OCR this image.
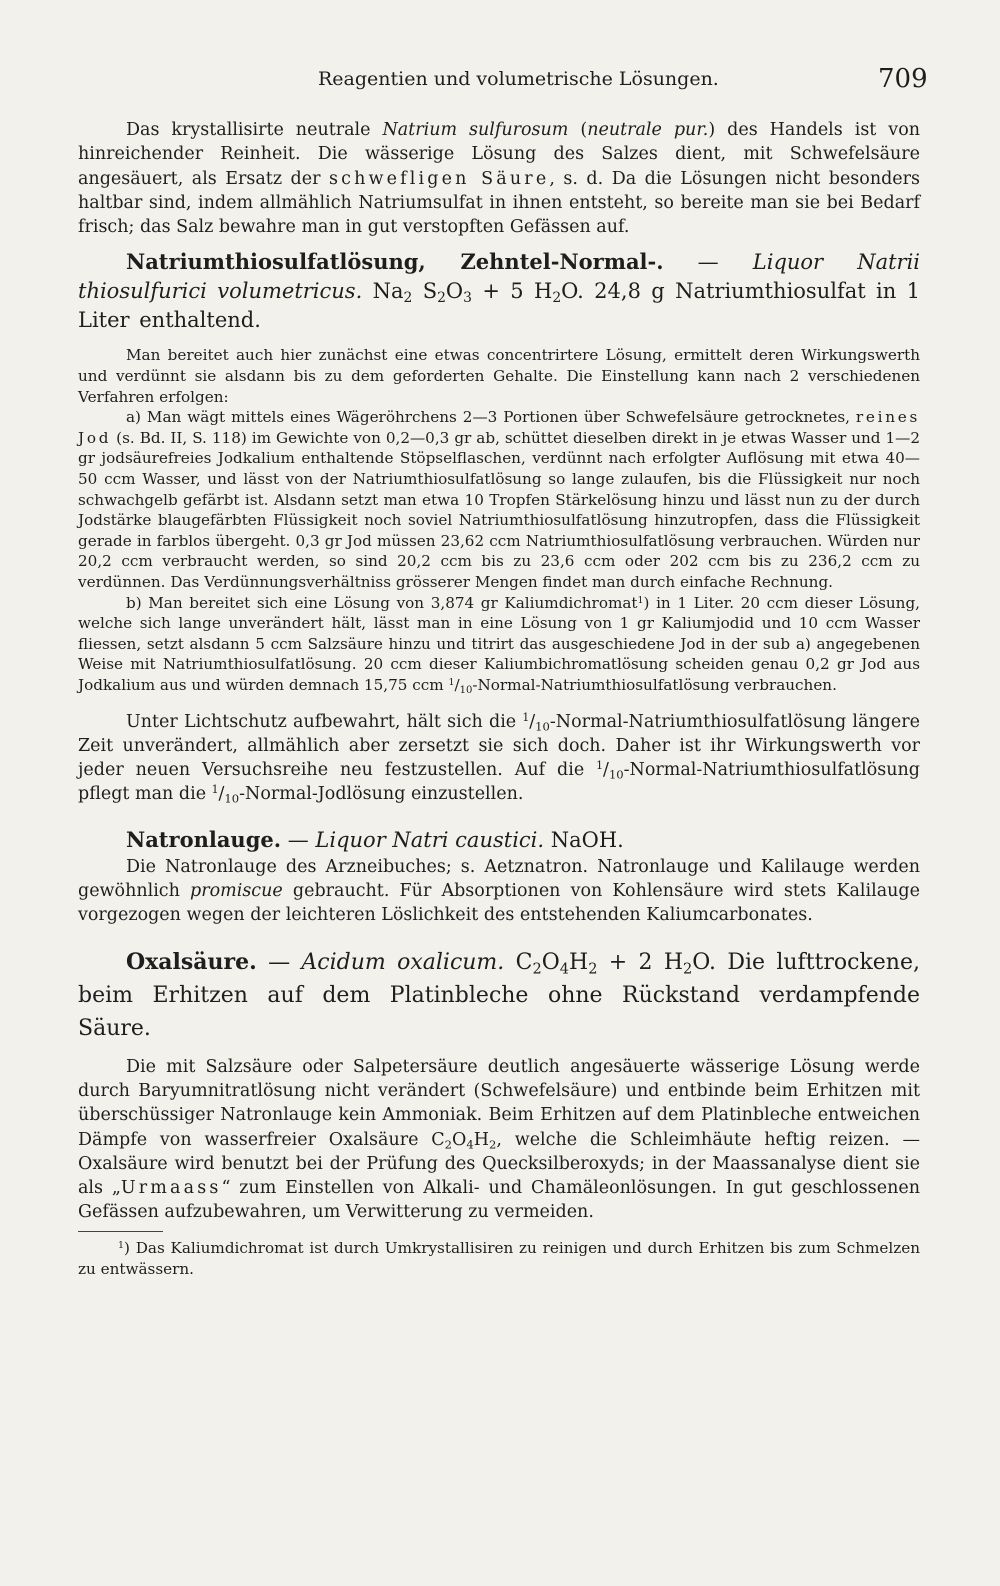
Reagentien und volumetrische Lösungen.	709

Das krystallisirte neutrale Natrium sulfurosum (neutrale pur.) des Handels ist von hinreichender Reinheit. Die wässerige Lösung des Salzes dient, mit Schwefelsäure angesäuert, als Ersatz der schwefligen Säure, s. d. Da die Lösungen nicht besonders haltbar sind, indem allmählich Natriumsulfat in ihnen entsteht, so bereite man sie bei Bedarf frisch; das Salz bewahre man in gut verstopften Gefässen auf.

Natriumthiosulfatlösung, Zehntel-Normal-. — Liquor Natrii thiosulfurici volumetricus. $Na_2$ $S_2O_3 + 5$ $H_2O$. 24,8 g Natriumthiosulfat in 1 Liter enthaltend.

Man bereitet auch hier zunächst eine etwas concentrirtere Lösung, ermittelt deren Wirkungswerth und verdünnt sie alsdann bis zu dem geforderten Gehalte. Die Einstellung kann nach 2 verschiedenen Verfahren erfolgen:

a) Man wägt mittels eines Wägeröhrchens 2—3 Portionen über Schwefelsäure getrocknetes, reines Jod (s. Bd. II, S. 118) im Gewichte von 0,2—0,3 gr ab, schüttet dieselben direkt in je etwas Wasser und 1—2 gr jodsäurefreies Jodkalium enthaltende Stöpselflaschen, verdünnt nach erfolgter Auflösung mit etwa 40—50 ccm Wasser, und lässt von der Natriumthiosulfatlösung so lange zulaufen, bis die Flüssigkeit nur noch schwachgelb gefärbt ist. Alsdann setzt man etwa 10 Tropfen Stärkelösung hinzu und lässt nun zu der durch Jodstärke blaugefärbten Flüssigkeit noch soviel Natriumthiosulfatlösung hinzutropfen, dass die Flüssigkeit gerade in farblos übergeht. 0,3 gr Jod müssen 23,62 ccm Natriumthiosulfatlösung verbrauchen. Würden nur 20,2 ccm verbraucht werden, so sind 20,2 ccm bis zu 23,6 ccm oder 202 ccm bis zu 236,2 ccm zu verdünnen. Das Verdünnungsverhältniss grösserer Mengen findet man durch einfache Rechnung.

b) Man bereitet sich eine Lösung von 3,874 gr Kaliumdichromat$^1$) in 1 Liter. 20 ccm dieser Lösung, welche sich lange unverändert hält, lässt man in eine Lösung von 1 gr Kaliumjodid und 10 ccm Wasser fliessen, setzt alsdann 5 ccm Salzsäure hinzu und titrirt das ausgeschiedene Jod in der sub a) angegebenen Weise mit Natriumthiosulfatlösung. 20 ccm dieser Kaliumbichromatlösung scheiden genau 0,2 gr Jod aus Jodkalium aus und würden demnach 15,75 ccm $^1/_{10}-Normal$-Natriumthiosulfatlösung verbrauchen.

Unter Lichtschutz aufbewahrt, hält sich die $^1/_{10}-Normal$-Natriumthiosulfatlösung längere Zeit unverändert, allmählich aber zersetzt sie sich doch. Daher ist ihr Wirkungswerth vor jeder neuen Versuchsreihe neu festzustellen. Auf die $^1/_{10}-Normal$-Natriumthiosulfatlösung pflegt man die $^1/_{10}-Normal$-Jodlösung einzustellen.

Natronlauge. — Liquor Natri caustici. NaOH.

Die Natronlauge des Arzneibuches; s. Aetznatron. Natronlauge und Kalilauge werden gewöhnlich promiscue gebraucht. Für Absorptionen von Kohlensäure wird stets Kalilauge vorgezogen wegen der leichteren Löslichkeit des entstehenden Kaliumcarbonates.

Oxalsäure. — Acidum oxalicum. $C_2O_4H_2 + 2$ $H_2O$. Die lufttrockene, beim Erhitzen auf dem Platinbleche ohne Rückstand verdampfende Säure.

Die mit Salzsäure oder Salpetersäure deutlich angesäuerte wässerige Lösung werde durch Baryumnitratlösung nicht verändert (Schwefelsäure) und entbinde beim Erhitzen mit überschüssiger Natronlauge kein Ammoniak. Beim Erhitzen auf dem Platinbleche entweichen Dämpfe von wasserfreier Oxalsäure $C_2O_4H_2$, welche die Schleimhäute heftig reizen. — Oxalsäure wird benutzt bei der Prüfung des Quecksilberoxyds; in der Maassanalyse dient sie als „Urmaass“ zum Einstellen von Alkali- und Chamäleonlösungen. In gut geschlossenen Gefässen aufzubewahren, um Verwitterung zu vermeiden.

$^1$) Das Kaliumdichromat ist durch Umkrystallisiren zu reinigen und durch Erhitzen bis zum Schmelzen zu entwässern.
